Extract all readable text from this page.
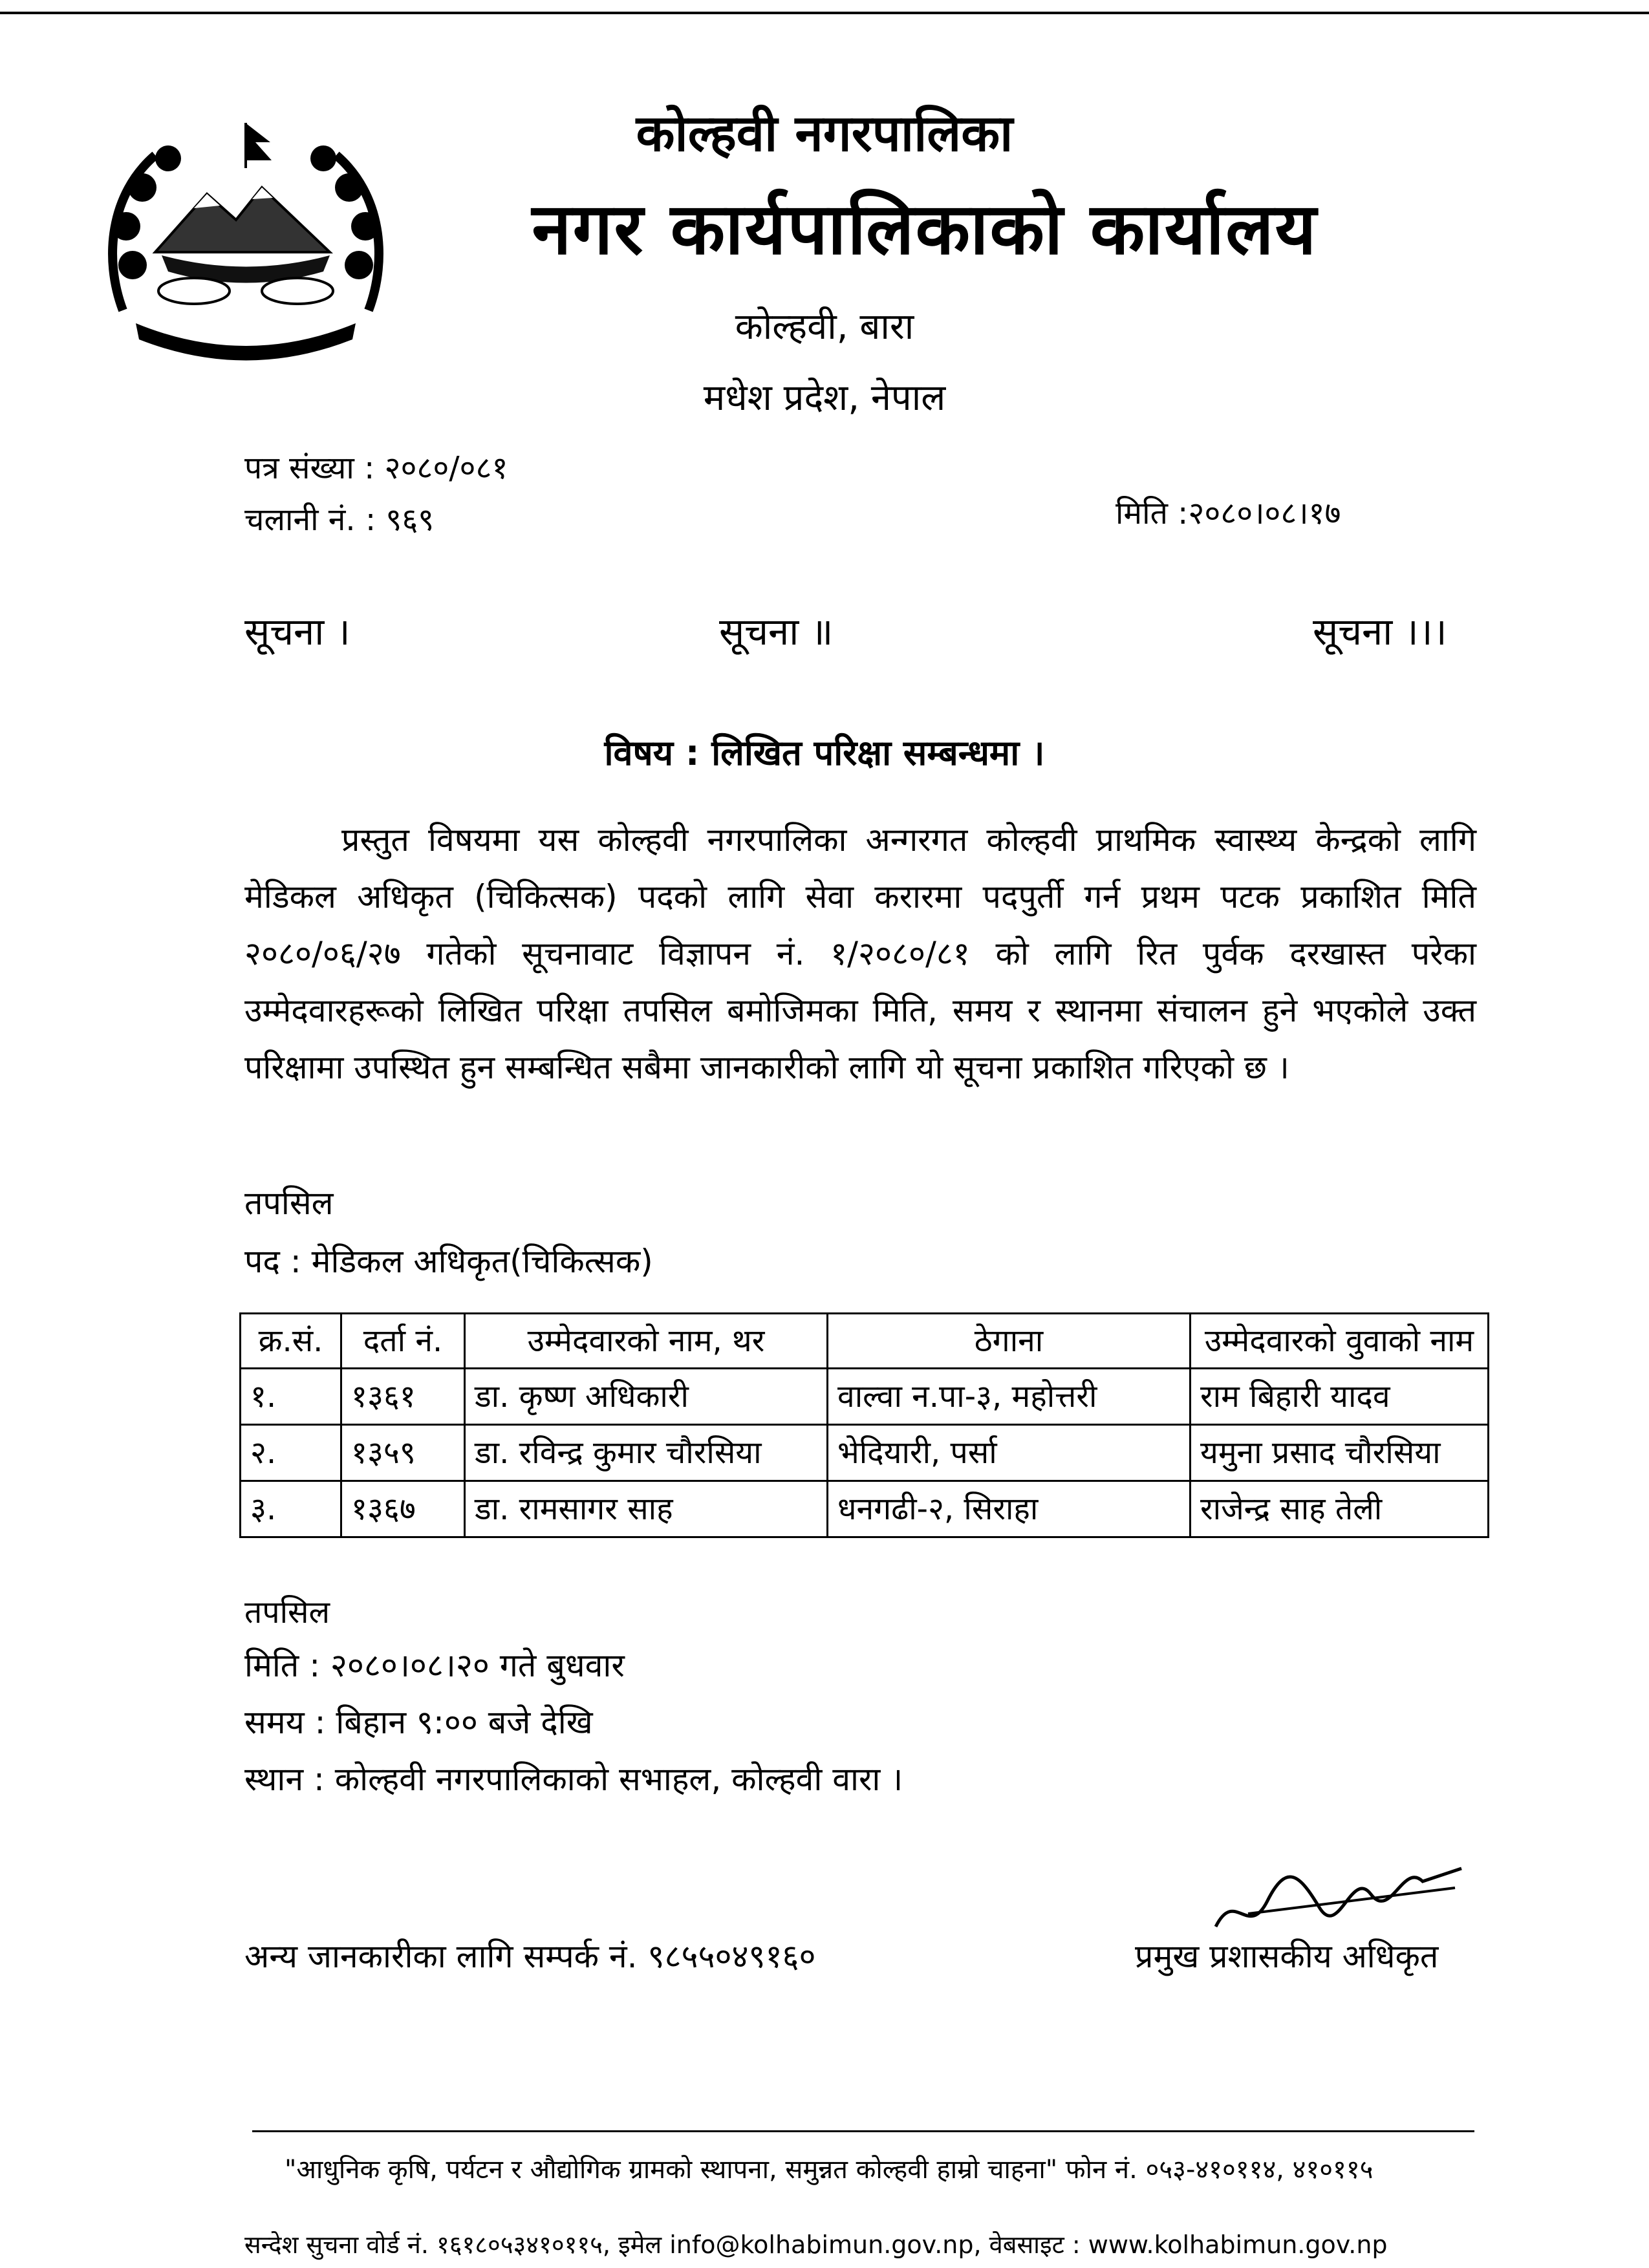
कोल्हवी नगरपालिका
नगर कार्यपालिकाको कार्यालय
कोल्हवी, बारा
मधेश प्रदेश, नेपाल
पत्र संख्या : २०८०/०८१
चलानी नं. : ९६९	मिति :२०८०।०८।१७
सूचना ।	सूचना ॥	सूचना ।।।
विषय : लिखित परिक्षा सम्बन्धमा ।
प्रस्तुत विषयमा यस कोल्हवी नगरपालिका अन्गरगत कोल्हवी प्राथमिक स्वास्थ्य केन्द्रको लागि मेडिकल अधिकृत (चिकित्सक) पदको लागि सेवा करारमा पदपुर्ती गर्न प्रथम पटक प्रकाशित मिति २०८०/०६/२७ गतेको सूचनावाट विज्ञापन नं. १/२०८०/८१ को लागि रित पुर्वक दरखास्त परेका उम्मेदवारहरूको लिखित परिक्षा तपसिल बमोजिमका मिति, समय र स्थानमा संचालन हुने भएकोले उक्त परिक्षामा उपस्थित हुन सम्बन्धित सबैमा जानकारीको लागि यो सूचना प्रकाशित गरिएको छ ।
तपसिल
पद : मेडिकल अधिकृत(चिकित्सक)
क्र.सं.	दर्ता नं.	उम्मेदवारको नाम, थर	ठेगाना	उम्मेदवारको वुवाको नाम
१.	१३६१	डा. कृष्ण अधिकारी	वाल्वा न.पा-३, महोत्तरी	राम बिहारी यादव
२.	१३५९	डा. रविन्द्र कुमार चौरसिया	भेदियारी, पर्सा	यमुना प्रसाद चौरसिया
३.	१३६७	डा. रामसागर साह	धनगढी-२, सिराहा	राजेन्द्र साह तेली
तपसिल
मिति : २०८०।०८।२० गते बुधवार
समय : बिहान ९:०० बजे देखि
स्थान : कोल्हवी नगरपालिकाको सभाहल, कोल्हवी वारा ।
अन्य जानकारीका लागि सम्पर्क नं. ९८५५०४९१६०	प्रमुख प्रशासकीय अधिकृत
"आधुनिक कृषि, पर्यटन र औद्योगिक ग्रामको स्थापना, समुन्नत कोल्हवी हाम्रो चाहना" फोन नं. ०५३-४१०११४, ४१०११५
सन्देश सुचना वोर्ड नं. १६१८०५३४१०११५, इमेल info@kolhabimun.gov.np, वेबसाइट : www.kolhabimun.gov.np
